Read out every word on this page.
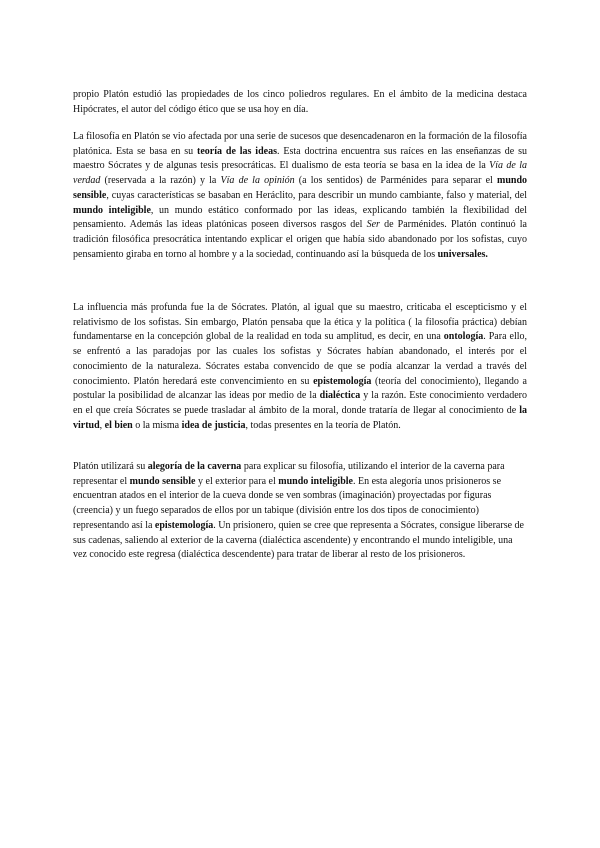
propio Platón estudió las propiedades de los cinco poliedros regulares. En el ámbito de la medicina destaca Hipócrates, el autor del código ético que se usa hoy en día.

La filosofía en Platón se vio afectada por una serie de sucesos que desencadenaron en la formación de la filosofía platónica. Esta se basa en su teoría de las ideas. Esta doctrina encuentra sus raíces en las enseñanzas de su maestro Sócrates y de algunas tesis presocráticas. El dualismo de esta teoría se basa en la idea de la Vía de la verdad (reservada a la razón) y la Vía de la opinión (a los sentidos) de Parménides para separar el mundo sensible, cuyas características se basaban en Heráclito, para describir un mundo cambiante, falso y material, del mundo inteligible, un mundo estático conformado por las ideas, explicando también la flexibilidad del pensamiento. Además las ideas platónicas poseen diversos rasgos del Ser de Parménides. Platón continuó la tradición filosófica presocrática intentando explicar el origen que había sido abandonado por los sofistas, cuyo pensamiento giraba en torno al hombre y a la sociedad, continuando así la búsqueda de los universales.

La influencia más profunda fue la de Sócrates. Platón, al igual que su maestro, criticaba el escepticismo y el relativismo de los sofistas. Sin embargo, Platón pensaba que la ética y la política ( la filosofía práctica) debían fundamentarse en la concepción global de la realidad en toda su amplitud, es decir, en una ontología. Para ello, se enfrentó a las paradojas por las cuales los sofistas y Sócrates habían abandonado, el interés por el conocimiento de la naturaleza. Sócrates estaba convencido de que se podía alcanzar la verdad a través del conocimiento. Platón heredará este convencimiento en su epistemología (teoría del conocimiento), llegando a postular la posibilidad de alcanzar las ideas por medio de la dialéctica y la razón. Este conocimiento verdadero en el que creía Sócrates se puede trasladar al ámbito de la moral, donde trataría de llegar al conocimiento de la virtud, el bien o la misma idea de justicia, todas presentes en la teoría de Platón.

Platón utilizará su alegoría de la caverna para explicar su filosofía, utilizando el interior de la caverna para representar el mundo sensible y el exterior para el mundo inteligible. En esta alegoría unos prisioneros se encuentran atados en el interior de la cueva donde se ven sombras (imaginación) proyectadas por figuras (creencia) y un fuego separados de ellos por un tabique (división entre los dos tipos de conocimiento) representando así la epistemología. Un prisionero, quien se cree que representa a Sócrates, consigue liberarse de sus cadenas, saliendo al exterior de la caverna (dialéctica ascendente) y encontrando el mundo inteligible, una vez conocido este regresa (dialéctica descendente) para tratar de liberar al resto de los prisioneros.
